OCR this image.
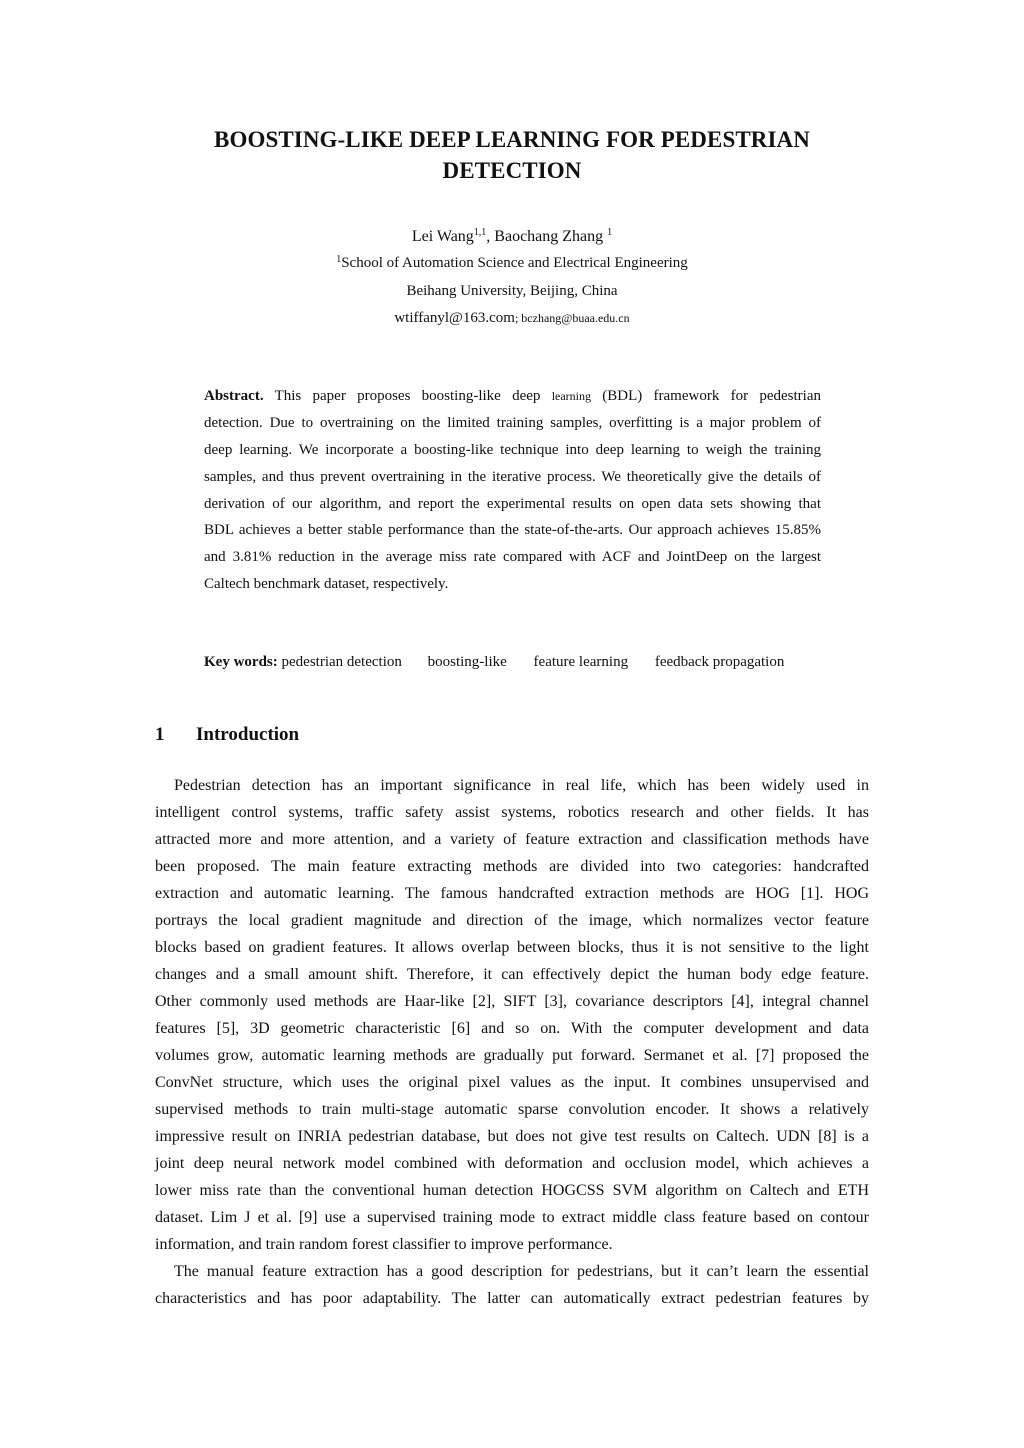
BOOSTING-LIKE DEEP LEARNING FOR PEDESTRIAN
DETECTION
Lei Wang$^{1,1}$, Baochang Zhang $^1$
$^1$School of Automation Science and Electrical Engineering
Beihang University, Beijing, China
wtiffanyl@163.com; bczhang@buaa.edu.cn
Abstract. This paper proposes boosting-like deep learning (BDL) framework for pedestrian
detection. Due to overtraining on the limited training samples, overfitting is a major problem of
deep learning. We incorporate a boosting-like technique into deep learning to weigh the training
samples, and thus prevent overtraining in the iterative process. We theoretically give the details of
derivation of our algorithm, and report the experimental results on open data sets showing that
BDL achieves a better stable performance than the state-of-the-arts. Our approach achieves 15.85%
and 3.81% reduction in the average miss rate compared with ACF and JointDeep on the largest
Caltech benchmark dataset, respectively.
Key words: pedestrian detection boosting-like feature learning feedback propagation
1 Introduction
Pedestrian detection has an important significance in real life, which has been widely used in
intelligent control systems, traffic safety assist systems, robotics research and other fields. It has
attracted more and more attention, and a variety of feature extraction and classification methods have
been proposed. The main feature extracting methods are divided into two categories: handcrafted
extraction and automatic learning. The famous handcrafted extraction methods are HOG [1]. HOG
portrays the local gradient magnitude and direction of the image, which normalizes vector feature
blocks based on gradient features. It allows overlap between blocks, thus it is not sensitive to the light
changes and a small amount shift. Therefore, it can effectively depict the human body edge feature.
Other commonly used methods are Haar-like [2], SIFT [3], covariance descriptors [4], integral channel
features [5], 3D geometric characteristic [6] and so on. With the computer development and data
volumes grow, automatic learning methods are gradually put forward. Sermanet et al. [7] proposed the
ConvNet structure, which uses the original pixel values as the input. It combines unsupervised and
supervised methods to train multi-stage automatic sparse convolution encoder. It shows a relatively
impressive result on INRIA pedestrian database, but does not give test results on Caltech. UDN [8] is a
joint deep neural network model combined with deformation and occlusion model, which achieves a
lower miss rate than the conventional human detection HOGCSS SVM algorithm on Caltech and ETH
dataset. Lim J et al. [9] use a supervised training mode to extract middle class feature based on contour
information, and train random forest classifier to improve performance.
The manual feature extraction has a good description for pedestrians, but it can’t learn the essential
characteristics and has poor adaptability. The latter can automatically extract pedestrian features by
